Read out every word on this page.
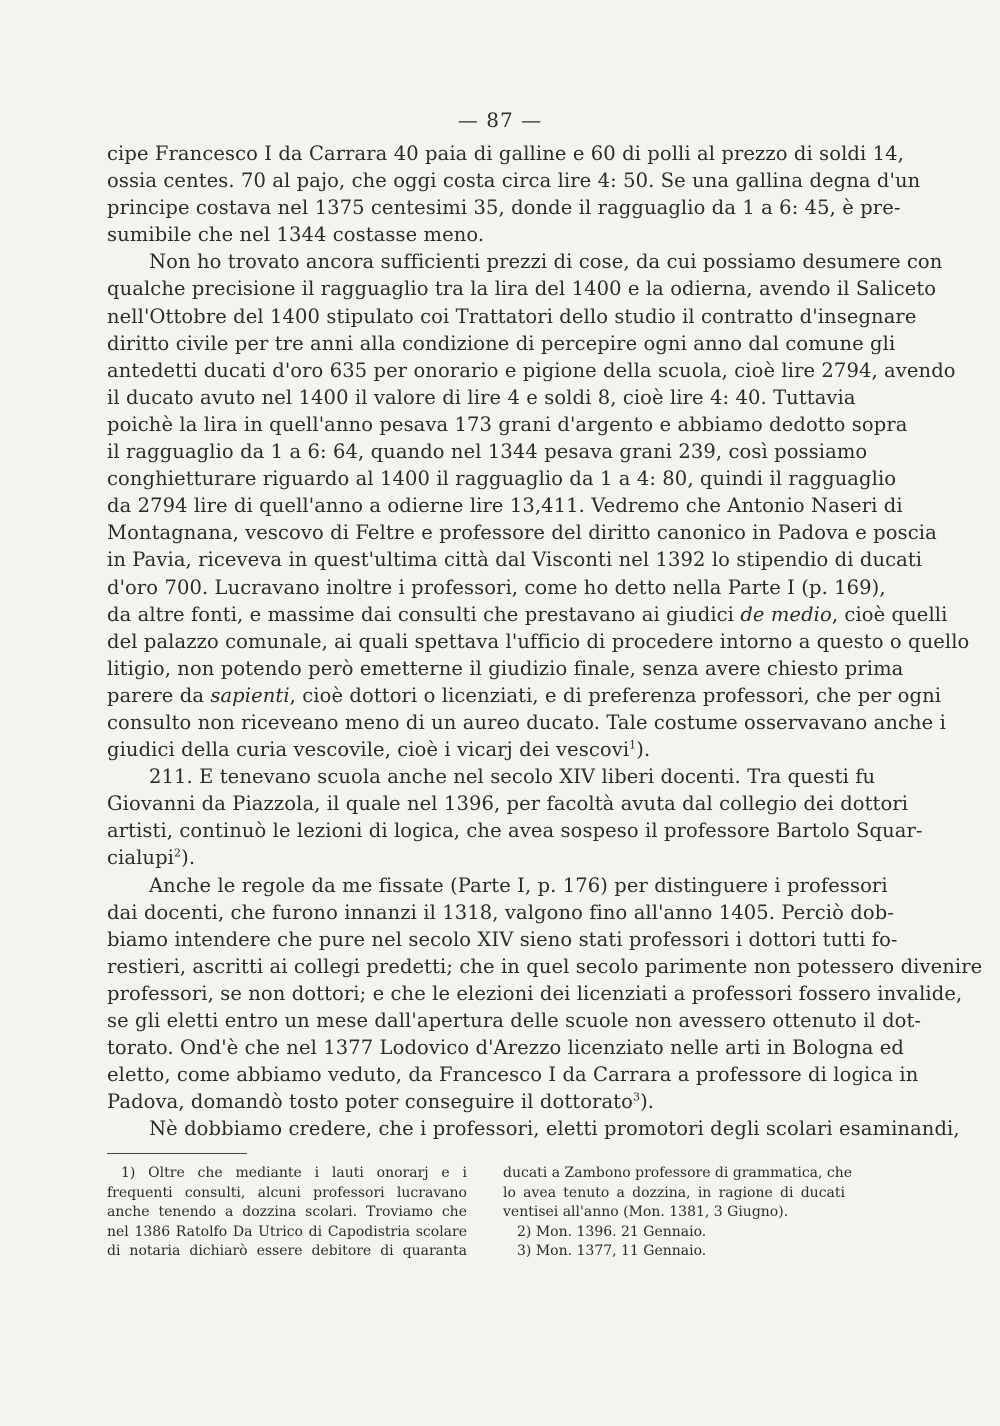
— 87 —
cipe Francesco I da Carrara 40 paia di galline e 60 di polli al prezzo di soldi 14,
ossia centes. 70 al pajo, che oggi costa circa lire 4: 50. Se una gallina degna d'un
principe costava nel 1375 centesimi 35, donde il ragguaglio da 1 a 6: 45, è pre-
sumibile che nel 1344 costasse meno.
Non ho trovato ancora sufficienti prezzi di cose, da cui possiamo desumere con
qualche precisione il ragguaglio tra la lira del 1400 e la odierna, avendo il Saliceto
nell'Ottobre del 1400 stipulato coi Trattatori dello studio il contratto d'insegnare
diritto civile per tre anni alla condizione di percepire ogni anno dal comune gli
antedetti ducati d'oro 635 per onorario e pigione della scuola, cioè lire 2794, avendo
il ducato avuto nel 1400 il valore di lire 4 e soldi 8, cioè lire 4: 40. Tuttavia
poichè la lira in quell'anno pesava 173 grani d'argento e abbiamo dedotto sopra
il ragguaglio da 1 a 6: 64, quando nel 1344 pesava grani 239, così possiamo
conghietturare riguardo al 1400 il ragguaglio da 1 a 4: 80, quindi il ragguaglio
da 2794 lire di quell'anno a odierne lire 13,411. Vedremo che Antonio Naseri di
Montagnana, vescovo di Feltre e professore del diritto canonico in Padova e poscia
in Pavia, riceveva in quest'ultima città dal Visconti nel 1392 lo stipendio di ducati
d'oro 700. Lucravano inoltre i professori, come ho detto nella Parte I (p. 169),
da altre fonti, e massime dai consulti che prestavano ai giudici de medio, cioè quelli
del palazzo comunale, ai quali spettava l'ufficio di procedere intorno a questo o quello
litigio, non potendo però emetterne il giudizio finale, senza avere chiesto prima
parere da sapienti, cioè dottori o licenziati, e di preferenza professori, che per ogni
consulto non riceveano meno di un aureo ducato. Tale costume osservavano anche i
giudici della curia vescovile, cioè i vicarj dei vescovi$^1$).
211. E tenevano scuola anche nel secolo XIV liberi docenti. Tra questi fu
Giovanni da Piazzola, il quale nel 1396, per facoltà avuta dal collegio dei dottori
artisti, continuò le lezioni di logica, che avea sospeso il professore Bartolo Squar-
cialupi$^2$).
Anche le regole da me fissate (Parte I, p. 176) per distinguere i professori
dai docenti, che furono innanzi il 1318, valgono fino all'anno 1405. Perciò dob-
biamo intendere che pure nel secolo XIV sieno stati professori i dottori tutti fo-
restieri, ascritti ai collegi predetti; che in quel secolo parimente non potessero divenire
professori, se non dottori; e che le elezioni dei licenziati a professori fossero invalide,
se gli eletti entro un mese dall'apertura delle scuole non avessero ottenuto il dot-
torato. Ond'è che nel 1377 Lodovico d'Arezzo licenziato nelle arti in Bologna ed
eletto, come abbiamo veduto, da Francesco I da Carrara a professore di logica in
Padova, domandò tosto poter conseguire il dottorato$^3$).
Nè dobbiamo credere, che i professori, eletti promotori degli scolari esaminandi,
1) Oltre che mediante i lauti onorarj e i
frequenti consulti, alcuni professori lucravano
anche tenendo a dozzina scolari. Troviamo che
nel 1386 Ratolfo Da Utrico di Capodistria scolare
di notaria dichiarò essere debitore di quaranta
ducati a Zambono professore di grammatica, che
lo avea tenuto a dozzina, in ragione di ducati
ventisei all'anno (Mon. 1381, 3 Giugno).
2) Mon. 1396. 21 Gennaio.
3) Mon. 1377, 11 Gennaio.
